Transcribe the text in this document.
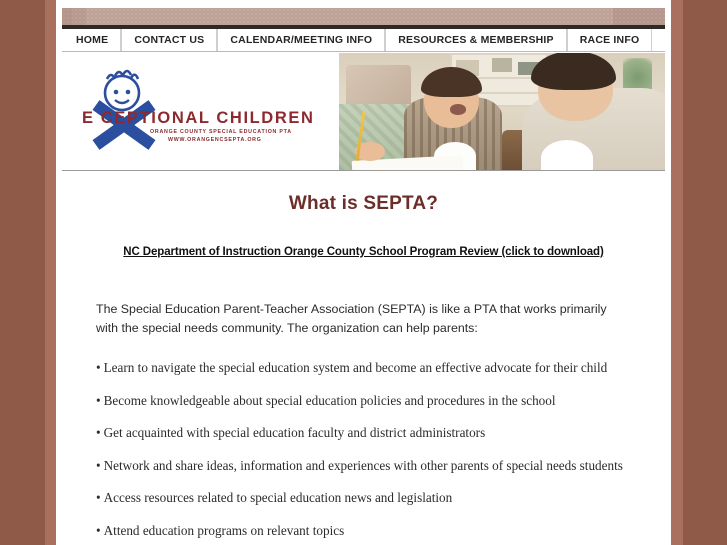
HOME CONTACT US CALENDAR/MEETING INFO RESOURCES & MEMBERSHIP RACE INFO
E CEPTIONAL CHILDREN
ORANGE COUNTY SPECIAL EDUCATION PTA
WWW.ORANGENCSEPTA.ORG
What is SEPTA?
NC Department of Instruction Orange County School Program Review (click to download)

The Special Education Parent-Teacher Association (SEPTA) is like a PTA that works primarily with the special needs community. The organization can help parents:

• Learn to navigate the special education system and become an effective advocate for their child
• Become knowledgeable about special education policies and procedures in the school
• Get acquainted with special education faculty and district administrators
• Network and share ideas, information and experiences with other parents of special needs students
• Access resources related to special education news and legislation
• Attend education programs on relevant topics
